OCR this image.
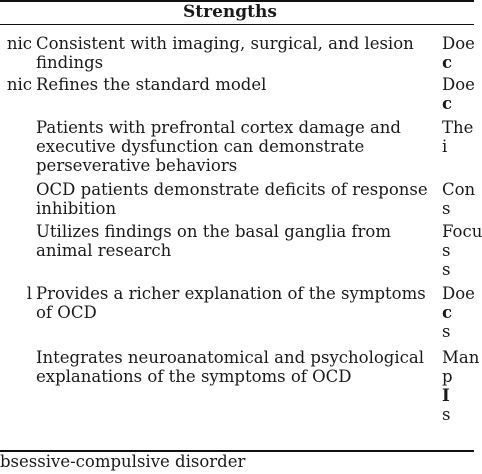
Strengths
nic Consistent with imaging, surgical, and lesion
findings
Doe
c
nic Refines the standard model	Doe
c
Patients with prefrontal cortex damage and
executive dysfunction can demonstrate
perseverative behaviors
The
i
OCD patients demonstrate deficits of response
inhibition
Con
s
Utilizes findings on the basal ganglia from
animal research
Focu
s
s
l Provides a richer explanation of the symptoms
of OCD
Doe
c
s
Integrates neuroanatomical and psychological
explanations of the symptoms of OCD
Man
p
I
s
bsessive-compulsive disorder
